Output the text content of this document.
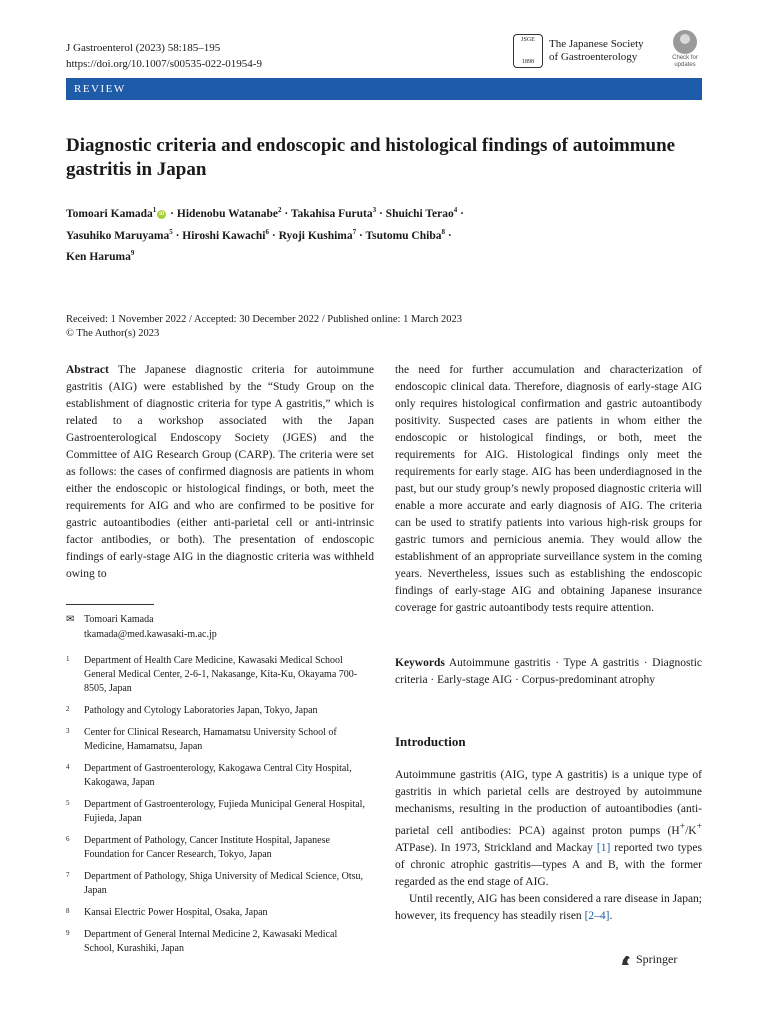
J Gastroenterol (2023) 58:185–195
https://doi.org/10.1007/s00535-022-01954-9
JSGE
1898
The Japanese Society
of Gastroenterology	Check for
updates
REVIEW
Diagnostic criteria and endoscopic and histological findings of autoimmune gastritis in Japan
Tomoari Kamada$^1$iD · Hidenobu Watanabe$^2$ · Takahisa Furuta$^3$ · Shuichi Terao$^4$ ·
Yasuhiko Maruyama$^5$ · Hiroshi Kawachi$^6$ · Ryoji Kushima$^7$ · Tsutomu Chiba$^8$ ·
Ken Haruma$^9$
Received: 1 November 2022 / Accepted: 30 December 2022 / Published online: 1 March 2023
© The Author(s) 2023
Abstract The Japanese diagnostic criteria for autoimmune gastritis (AIG) were established by the “Study Group on the establishment of diagnostic criteria for type A gastritis,” which is related to a workshop associated with the Japan Gastroenterological Endoscopy Society (JGES) and the Committee of AIG Research Group (CARP). The criteria were set as follows: the cases of confirmed diagnosis are patients in whom either the endoscopic or histological findings, or both, meet the requirements for AIG and who are confirmed to be positive for gastric autoantibodies (either anti-parietal cell or anti-intrinsic factor antibodies, or both). The presentation of endoscopic findings of early-stage AIG in the diagnostic criteria was withheld owing to
the need for further accumulation and characterization of endoscopic clinical data. Therefore, diagnosis of early-stage AIG only requires histological confirmation and gastric autoantibody positivity. Suspected cases are patients in whom either the endoscopic or histological findings, or both, meet the requirements for AIG. Histological findings only meet the requirements for early stage. AIG has been underdiagnosed in the past, but our study group’s newly proposed diagnostic criteria will enable a more accurate and early diagnosis of AIG. The criteria can be used to stratify patients into various high-risk groups for gastric tumors and pernicious anemia. They would allow the establishment of an appropriate surveillance system in the coming years. Nevertheless, issues such as establishing the endoscopic findings of early-stage AIG and obtaining Japanese insurance coverage for gastric autoantibody tests require attention.
✉ Tomoari Kamada
tkamada@med.kawasaki-m.ac.jp
1	Department of Health Care Medicine, Kawasaki Medical School General Medical Center, 2-6-1, Nakasange, Kita-Ku, Okayama 700-8505, Japan
2	Pathology and Cytology Laboratories Japan, Tokyo, Japan
3	Center for Clinical Research, Hamamatsu University School of Medicine, Hamamatsu, Japan
4	Department of Gastroenterology, Kakogawa Central City Hospital, Kakogawa, Japan
5	Department of Gastroenterology, Fujieda Municipal General Hospital, Fujieda, Japan
6	Department of Pathology, Cancer Institute Hospital, Japanese Foundation for Cancer Research, Tokyo, Japan
7	Department of Pathology, Shiga University of Medical Science, Otsu, Japan
8	Kansai Electric Power Hospital, Osaka, Japan
9	Department of General Internal Medicine 2, Kawasaki Medical School, Kurashiki, Japan
Keywords Autoimmune gastritis · Type A gastritis · Diagnostic criteria · Early-stage AIG · Corpus-predominant atrophy
Introduction

Autoimmune gastritis (AIG, type A gastritis) is a unique type of gastritis in which parietal cells are destroyed by autoimmune mechanisms, resulting in the production of autoantibodies (anti-parietal cell antibodies: PCA) against proton pumps (H+/K+ ATPase). In 1973, Strickland and Mackay [1] reported two types of chronic atrophic gastritis—types A and B, with the former regarded as the end stage of AIG.

Until recently, AIG has been considered a rare disease in Japan; however, its frequency has steadily risen [2–4].

Springer
